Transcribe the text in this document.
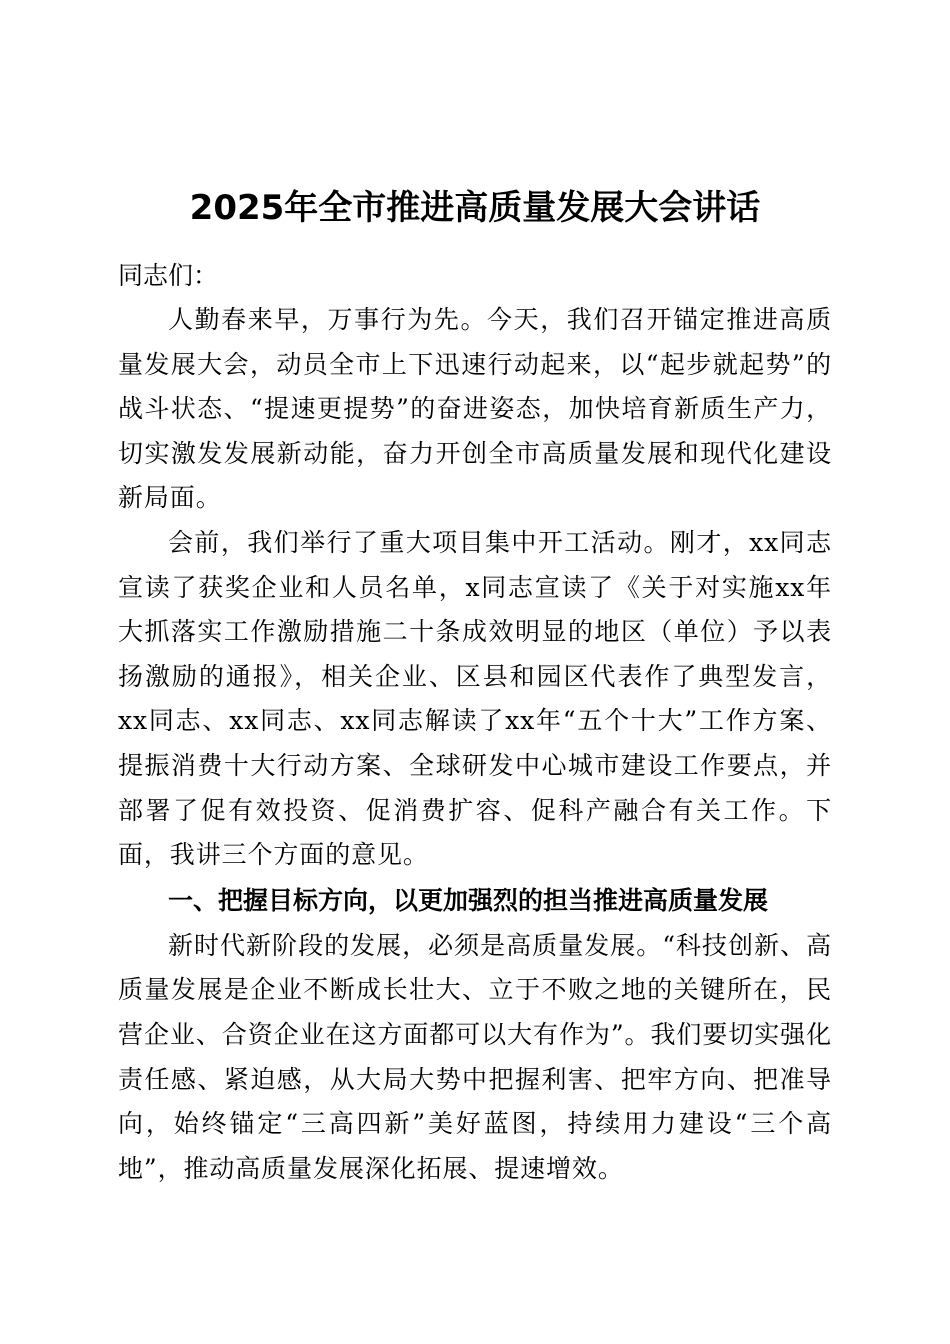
2025年全市推进高质量发展大会讲话

同志们：

人勤春来早，万事行为先。今天，我们召开锚定推进高质量发展大会，动员全市上下迅速行动起来，以“起步就起势”的战斗状态、“提速更提势”的奋进姿态，加快培育新质生产力，切实激发发展新动能，奋力开创全市高质量发展和现代化建设新局面。

会前，我们举行了重大项目集中开工活动。刚才，xx同志宣读了获奖企业和人员名单，x同志宣读了《关于对实施xx年大抓落实工作激励措施二十条成效明显的地区（单位）予以表扬激励的通报》，相关企业、区县和园区代表作了典型发言，xx同志、xx同志、xx同志解读了xx年“五个十大”工作方案、提振消费十大行动方案、全球研发中心城市建设工作要点，并部署了促有效投资、促消费扩容、促科产融合有关工作。下面，我讲三个方面的意见。

一、把握目标方向，以更加强烈的担当推进高质量发展

新时代新阶段的发展，必须是高质量发展。“科技创新、高质量发展是企业不断成长壮大、立于不败之地的关键所在，民营企业、合资企业在这方面都可以大有作为”。我们要切实强化责任感、紧迫感，从大局大势中把握利害、把牢方向、把准导向，始终锚定“三高四新”美好蓝图，持续用力建设“三个高地”，推动高质量发展深化拓展、提速增效。
